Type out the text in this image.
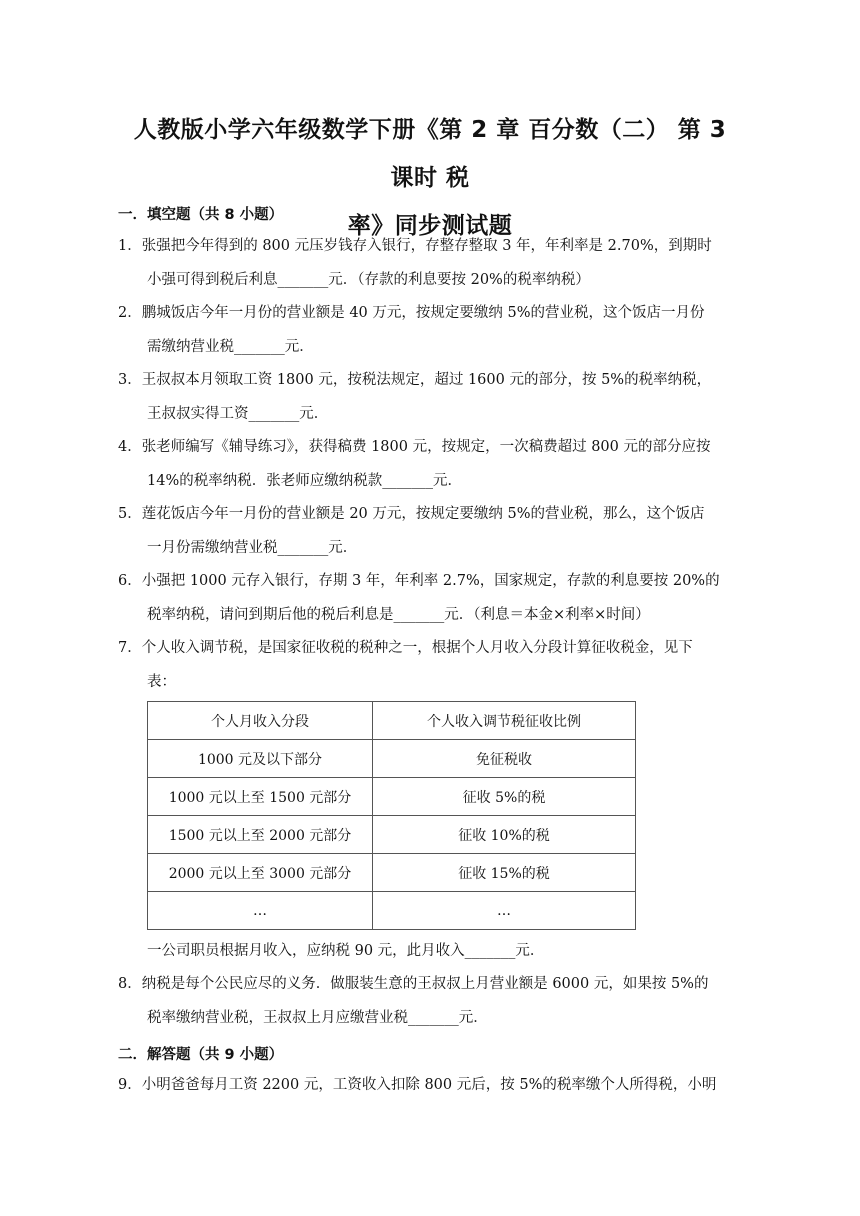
人教版小学六年级数学下册《第 2 章 百分数（二） 第 3 课时 税
率》同步测试题
一．填空题（共 8 小题）
1．张强把今年得到的 800 元压岁钱存入银行，存整存整取 3 年，年利率是 2.70%，到期时
小强可得到税后利息_______元．（存款的利息要按 20%的税率纳税）
2．鹏城饭店今年一月份的营业额是 40 万元，按规定要缴纳 5%的营业税，这个饭店一月份
需缴纳营业税_______元．
3．王叔叔本月领取工资 1800 元，按税法规定，超过 1600 元的部分，按 5%的税率纳税，
王叔叔实得工资_______元．
4．张老师编写《辅导练习》，获得稿费 1800 元，按规定，一次稿费超过 800 元的部分应按
14%的税率纳税．张老师应缴纳税款_______元．
5．莲花饭店今年一月份的营业额是 20 万元，按规定要缴纳 5%的营业税，那么，这个饭店
一月份需缴纳营业税_______元．
6．小强把 1000 元存入银行，存期 3 年，年利率 2.7%，国家规定，存款的利息要按 20%的
税率纳税，请问到期后他的税后利息是_______元．（利息＝本金×利率×时间）
7．个人收入调节税，是国家征收税的税种之一，根据个人月收入分段计算征收税金，见下
表：
个人月收入分段	个人收入调节税征收比例
1000 元及以下部分	免征税收
1000 元以上至 1500 元部分	征收 5%的税
1500 元以上至 2000 元部分	征收 10%的税
2000 元以上至 3000 元部分	征收 15%的税
…	…
一公司职员根据月收入，应纳税 90 元，此月收入_______元．
8．纳税是每个公民应尽的义务．做服装生意的王叔叔上月营业额是 6000 元，如果按 5%的
税率缴纳营业税，王叔叔上月应缴营业税_______元．
二．解答题（共 9 小题）
9．小明爸爸每月工资 2200 元，工资收入扣除 800 元后，按 5%的税率缴个人所得税，小明
